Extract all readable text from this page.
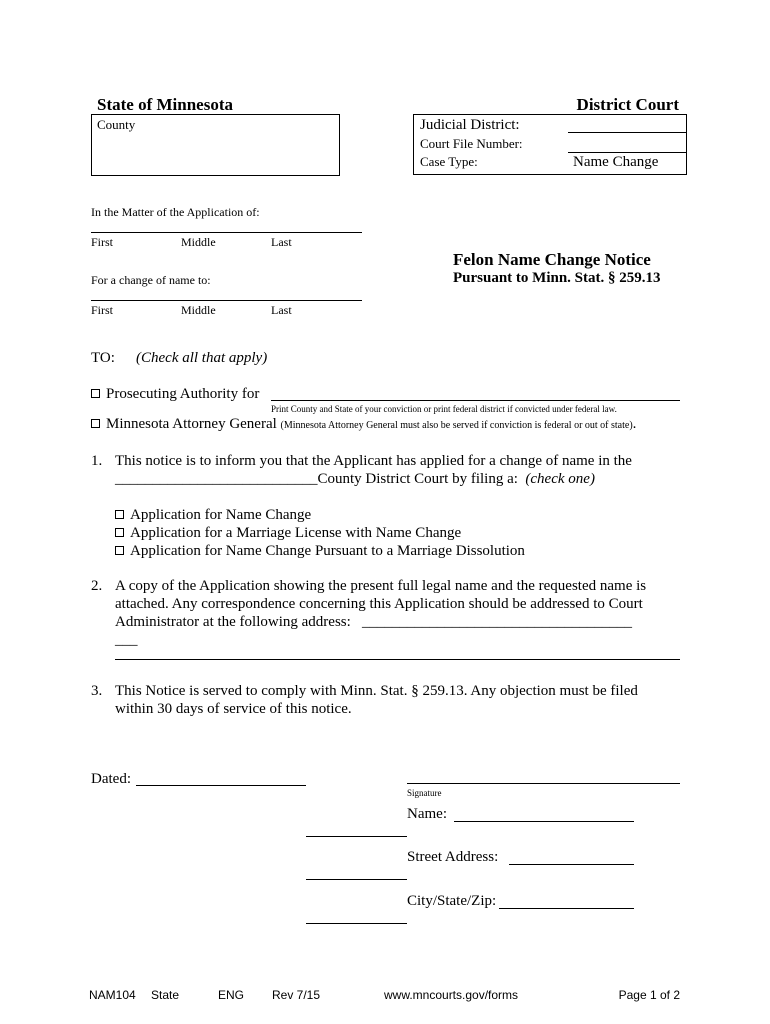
State of Minnesota	District Court
County	Judicial District:
Court File Number:
Case Type:	Name Change
In the Matter of the Application of:
First	Middle	Last
For a change of name to:
First	Middle	Last
Felon Name Change Notice
Pursuant to Minn. Stat. § 259.13
TO: (Check all that apply)
Prosecuting Authority for
Print County and State of your conviction or print federal district if convicted under federal law.
Minnesota Attorney General (Minnesota Attorney General must also be served if conviction is federal or out of state).
1. This notice is to inform you that the Applicant has applied for a change of name in the
___________________________County District Court by filing a: (check one)
Application for Name Change
Application for a Marriage License with Name Change
Application for Name Change Pursuant to a Marriage Dissolution
2. A copy of the Application showing the present full legal name and the requested name is
attached. Any correspondence concerning this Application should be addressed to Court
Administrator at the following address: ____________________________________
___
3. This Notice is served to comply with Minn. Stat. § 259.13. Any objection must be filed
within 30 days of service of this notice.
Dated:
Signature
Name:
Street Address:
City/State/Zip:
NAM104 State	ENG Rev 7/15	www.mncourts.gov/forms	Page 1 of 2
